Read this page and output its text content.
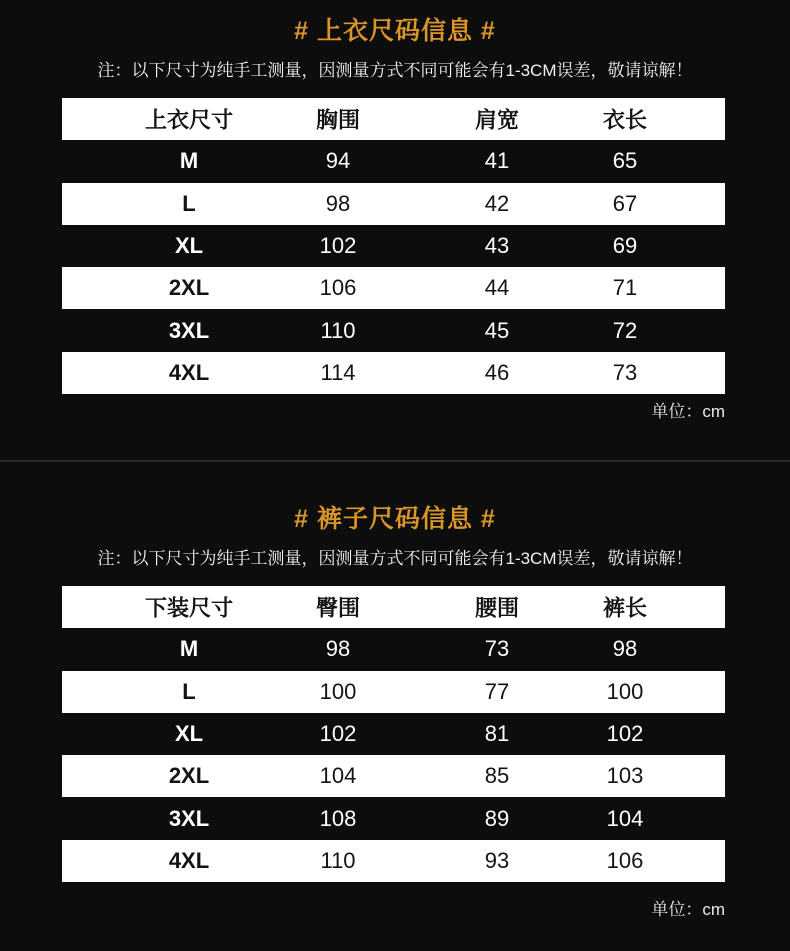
# 上衣尺码信息 #
注：以下尺寸为纯手工测量，因测量方式不同可能会有1-3CM误差，敬请谅解！
上衣尺寸	胸围	肩宽	衣长
M	94	41	65
L	98	42	67
XL	102	43	69
2XL	106	44	71
3XL	110	45	72
4XL	114	46	73
单位：cm
# 裤子尺码信息 #
注：以下尺寸为纯手工测量，因测量方式不同可能会有1-3CM误差，敬请谅解！
下装尺寸	臀围	腰围	裤长
M	98	73	98
L	100	77	100
XL	102	81	102
2XL	104	85	103
3XL	108	89	104
4XL	110	93	106
单位：cm
